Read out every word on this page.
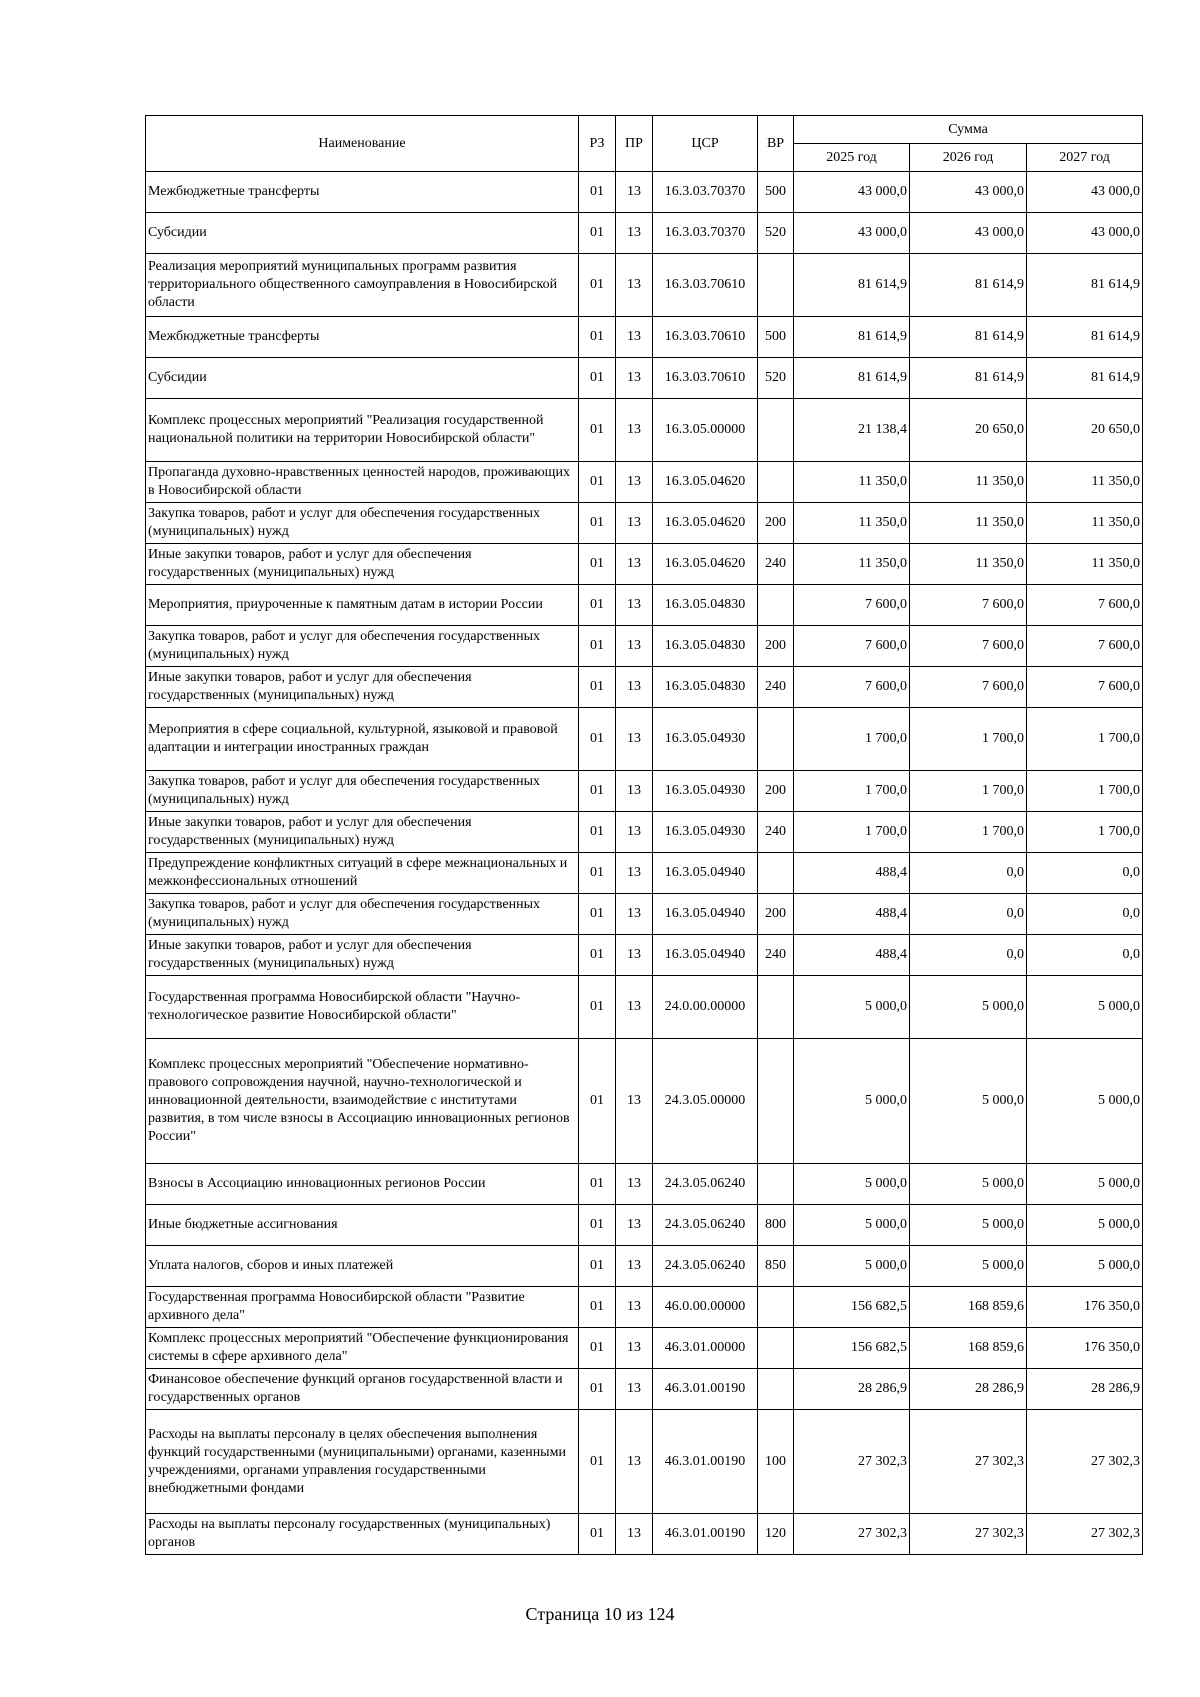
Наименование	РЗ	ПР	ЦСР	ВР	Сумма		
					2025 год	2026 год	2027 год
Межбюджетные трансферты	01	13	16.3.03.70370	500	43 000,0	43 000,0	43 000,0
Субсидии	01	13	16.3.03.70370	520	43 000,0	43 000,0	43 000,0
Реализация мероприятий муниципальных программ развития территориального общественного самоуправления в Новосибирской области	01	13	16.3.03.70610		81 614,9	81 614,9	81 614,9
Межбюджетные трансферты	01	13	16.3.03.70610	500	81 614,9	81 614,9	81 614,9
Субсидии	01	13	16.3.03.70610	520	81 614,9	81 614,9	81 614,9
Комплекс процессных мероприятий "Реализация государственной национальной политики на территории Новосибирской области"	01	13	16.3.05.00000		21 138,4	20 650,0	20 650,0
Пропаганда духовно-нравственных ценностей народов, проживающих в Новосибирской области	01	13	16.3.05.04620		11 350,0	11 350,0	11 350,0
Закупка товаров, работ и услуг для обеспечения государственных (муниципальных) нужд	01	13	16.3.05.04620	200	11 350,0	11 350,0	11 350,0
Иные закупки товаров, работ и услуг для обеспечения государственных (муниципальных) нужд	01	13	16.3.05.04620	240	11 350,0	11 350,0	11 350,0
Мероприятия, приуроченные к памятным датам в истории России	01	13	16.3.05.04830		7 600,0	7 600,0	7 600,0
Закупка товаров, работ и услуг для обеспечения государственных (муниципальных) нужд	01	13	16.3.05.04830	200	7 600,0	7 600,0	7 600,0
Иные закупки товаров, работ и услуг для обеспечения государственных (муниципальных) нужд	01	13	16.3.05.04830	240	7 600,0	7 600,0	7 600,0
Мероприятия в сфере социальной, культурной, языковой и правовой адаптации и интеграции иностранных граждан	01	13	16.3.05.04930		1 700,0	1 700,0	1 700,0
Закупка товаров, работ и услуг для обеспечения государственных (муниципальных) нужд	01	13	16.3.05.04930	200	1 700,0	1 700,0	1 700,0
Иные закупки товаров, работ и услуг для обеспечения государственных (муниципальных) нужд	01	13	16.3.05.04930	240	1 700,0	1 700,0	1 700,0
Предупреждение конфликтных ситуаций в сфере межнациональных и межконфессиональных отношений	01	13	16.3.05.04940		488,4	0,0	0,0
Закупка товаров, работ и услуг для обеспечения государственных (муниципальных) нужд	01	13	16.3.05.04940	200	488,4	0,0	0,0
Иные закупки товаров, работ и услуг для обеспечения государственных (муниципальных) нужд	01	13	16.3.05.04940	240	488,4	0,0	0,0
Государственная программа Новосибирской области "Научно-технологическое развитие Новосибирской области"	01	13	24.0.00.00000		5 000,0	5 000,0	5 000,0
Комплекс процессных мероприятий "Обеспечение нормативно-правового сопровождения научной, научно-технологической и инновационной деятельности, взаимодействие с институтами развития, в том числе взносы в Ассоциацию инновационных регионов России"	01	13	24.3.05.00000		5 000,0	5 000,0	5 000,0
Взносы в Ассоциацию инновационных регионов России	01	13	24.3.05.06240		5 000,0	5 000,0	5 000,0
Иные бюджетные ассигнования	01	13	24.3.05.06240	800	5 000,0	5 000,0	5 000,0
Уплата налогов, сборов и иных платежей	01	13	24.3.05.06240	850	5 000,0	5 000,0	5 000,0
Государственная программа Новосибирской области "Развитие архивного дела"	01	13	46.0.00.00000		156 682,5	168 859,6	176 350,0
Комплекс процессных мероприятий "Обеспечение функционирования системы в сфере архивного дела"	01	13	46.3.01.00000		156 682,5	168 859,6	176 350,0
Финансовое обеспечение функций органов государственной власти и государственных органов	01	13	46.3.01.00190		28 286,9	28 286,9	28 286,9
Расходы на выплаты персоналу в целях обеспечения выполнения функций государственными (муниципальными) органами, казенными учреждениями, органами управления государственными внебюджетными фондами	01	13	46.3.01.00190	100	27 302,3	27 302,3	27 302,3
Расходы на выплаты персоналу государственных (муниципальных) органов	01	13	46.3.01.00190	120	27 302,3	27 302,3	27 302,3
Страница 10 из 124
